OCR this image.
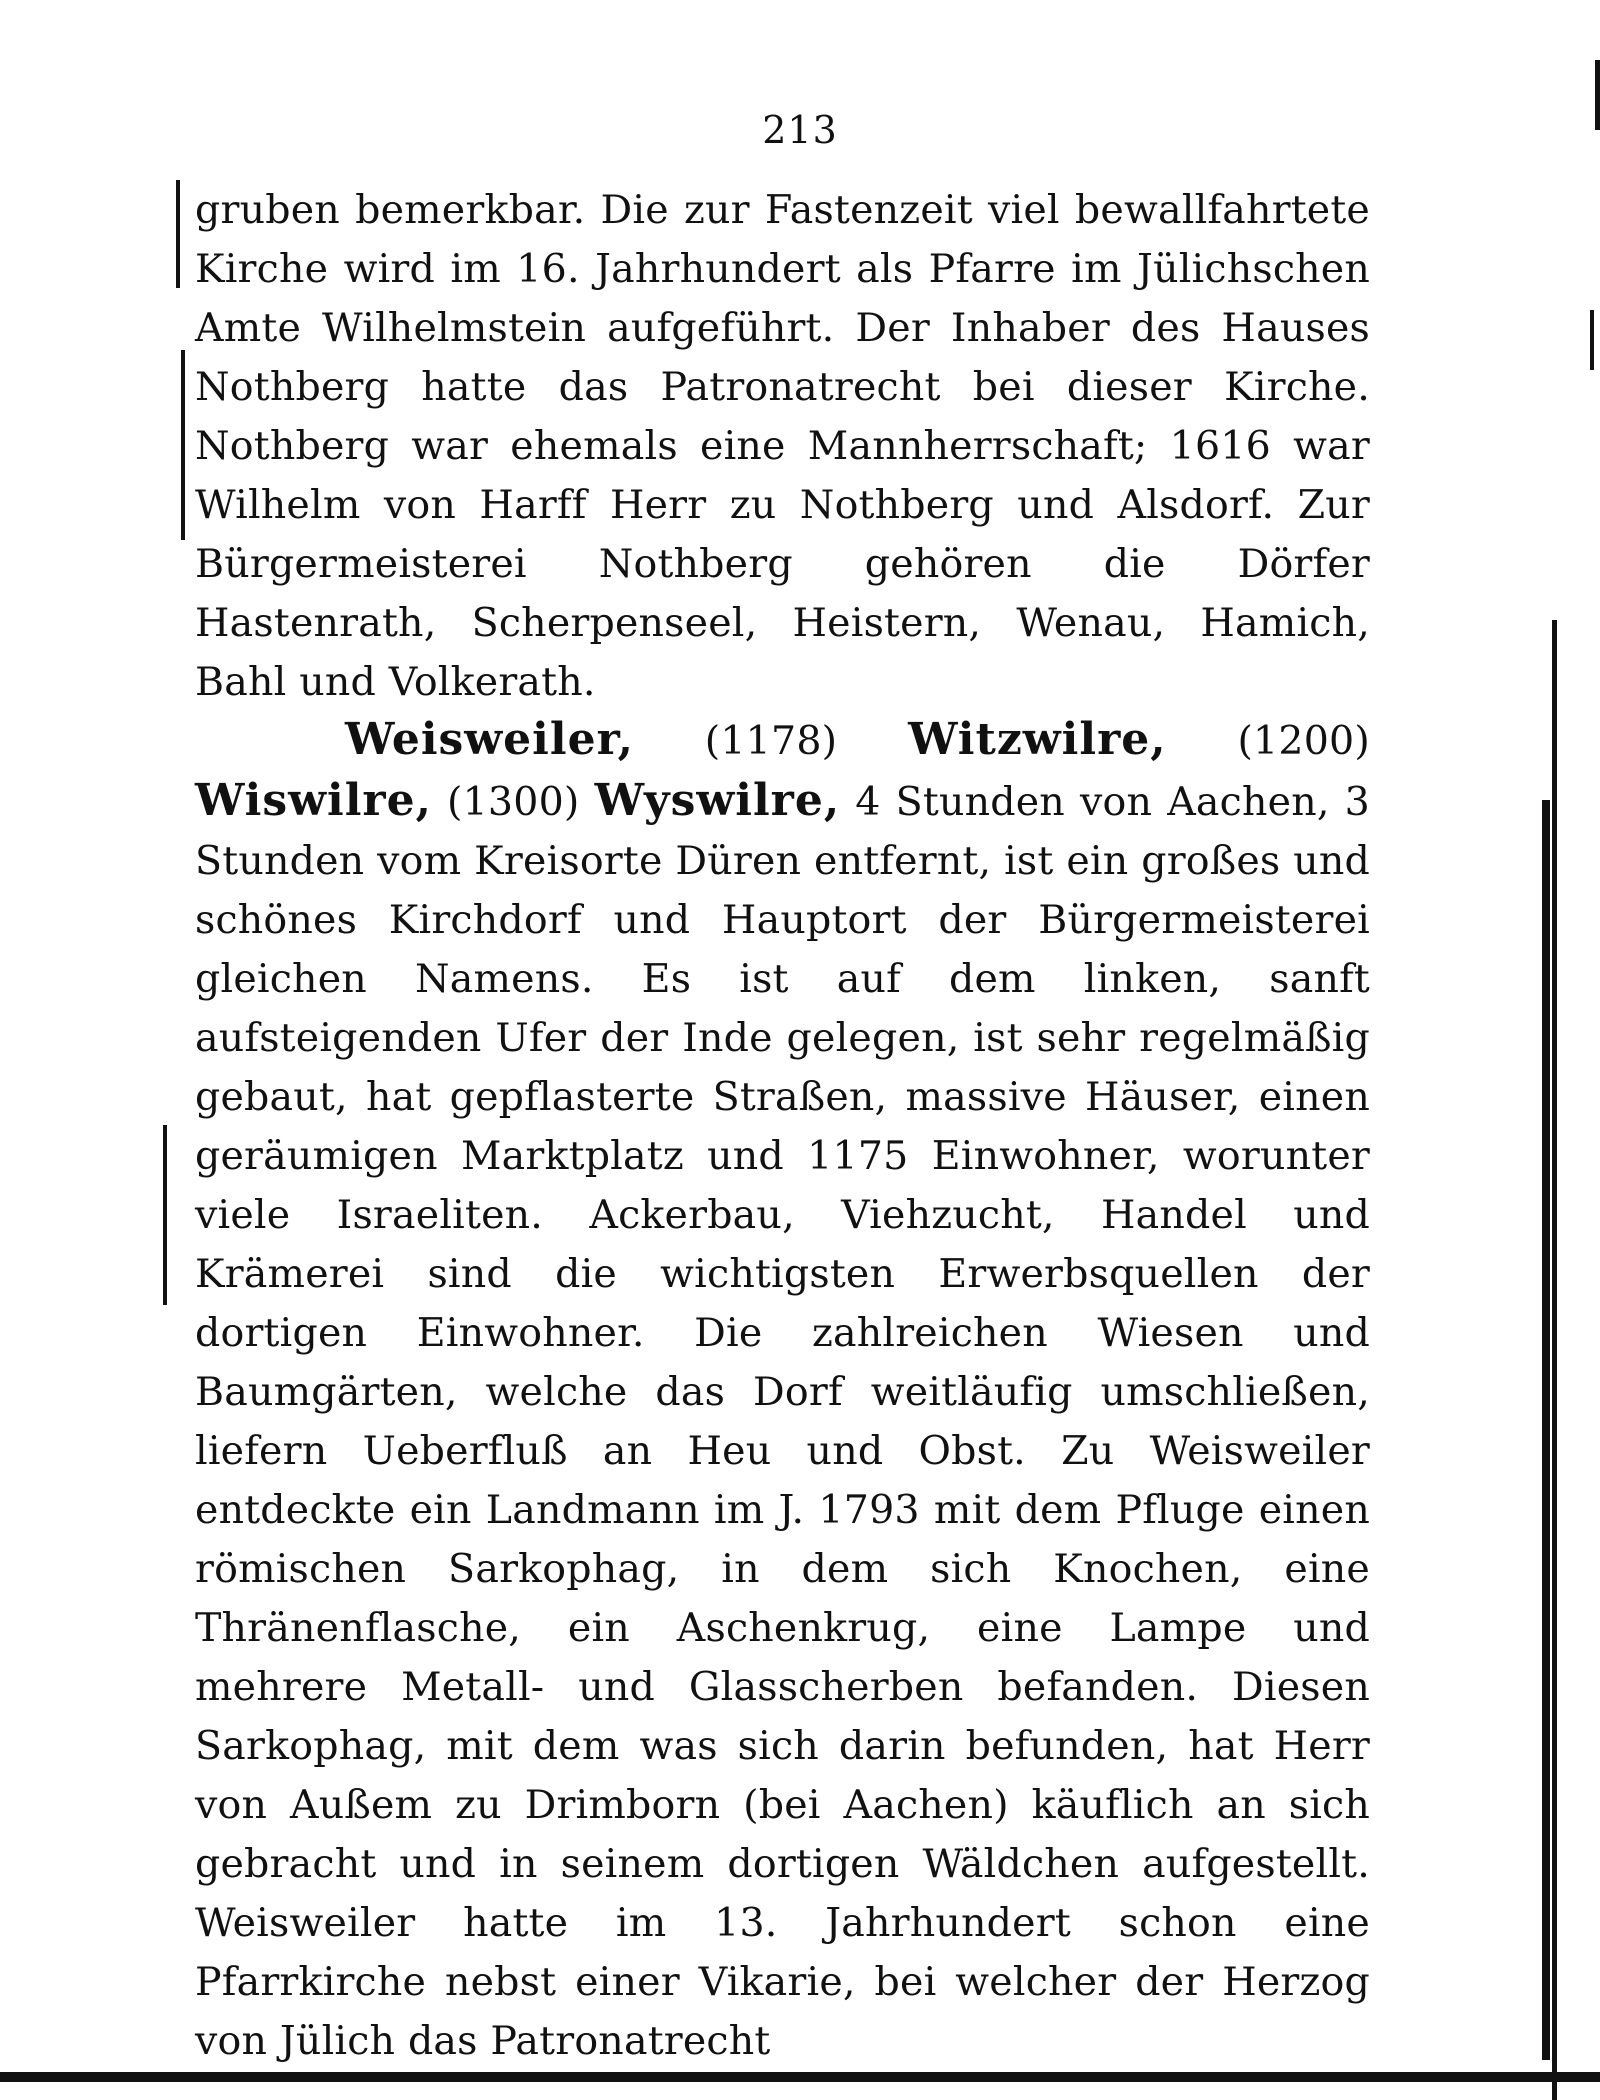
213
gruben bemerkbar. Die zur Fastenzeit viel bewallfahrtete Kirche wird im 16. Jahrhundert als Pfarre im Jülichschen Amte Wilhelmstein aufgeführt. Der Inhaber des Hauses Nothberg hatte das Patronatrecht bei dieser Kirche. Nothberg war ehemals eine Mannherrschaft; 1616 war Wilhelm von Harff Herr zu Nothberg und Alsdorf. Zur Bürgermeisterei Nothberg gehören die Dörfer Hastenrath, Scherpenseel, Heistern, Wenau, Hamich, Bahl und Volkerath.
Weisweiler, (1178) Witzwilre, (1200) Wiswilre, (1300) Wyswilre, 4 Stunden von Aachen, 3 Stunden vom Kreisorte Düren entfernt, ist ein großes und schönes Kirchdorf und Hauptort der Bürgermeisterei gleichen Namens. Es ist auf dem linken, sanft aufsteigenden Ufer der Inde gelegen, ist sehr regelmäßig gebaut, hat gepflasterte Straßen, massive Häuser, einen geräumigen Marktplatz und 1175 Einwohner, worunter viele Israeliten. Ackerbau, Viehzucht, Handel und Krämerei sind die wichtigsten Erwerbsquellen der dortigen Einwohner. Die zahlreichen Wiesen und Baumgärten, welche das Dorf weitläufig umschließen, liefern Ueberfluß an Heu und Obst. Zu Weisweiler entdeckte ein Landmann im J. 1793 mit dem Pfluge einen römischen Sarkophag, in dem sich Knochen, eine Thränenflasche, ein Aschenkrug, eine Lampe und mehrere Metall- und Glasscherben befanden. Diesen Sarkophag, mit dem was sich darin befunden, hat Herr von Außem zu Drimborn (bei Aachen) käuflich an sich gebracht und in seinem dortigen Wäldchen aufgestellt. Weisweiler hatte im 13. Jahrhundert schon eine Pfarrkirche nebst einer Vikarie, bei welcher der Herzog von Jülich das Patronatrecht
